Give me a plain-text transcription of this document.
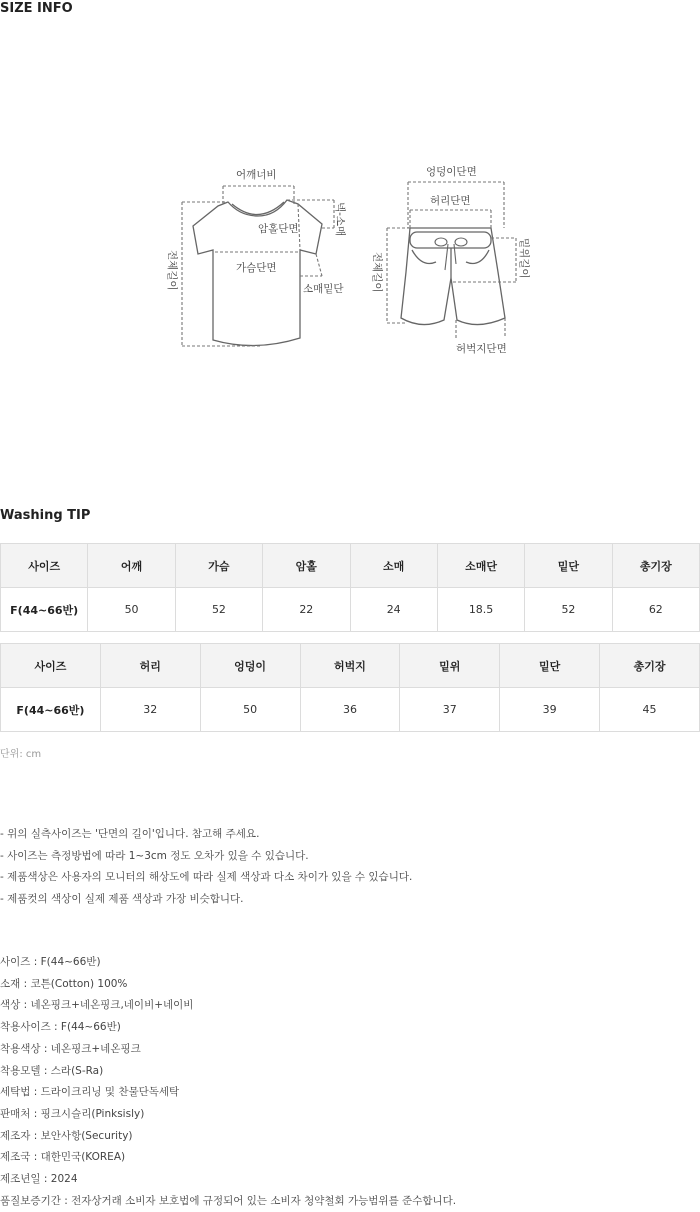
SIZE INFO
어깨너비
암홀단면
가슴단면
소매밑단
넥-소매
전체길이
엉덩이단면
허리단면
허벅지단면
밑위길이
전체길이
Washing TIP
사이즈	어깨	가슴	암홀	소매	소매단	밑단	총기장
F(44~66반)	50	52	22	24	18.5	52	62
사이즈	허리	엉덩이	허벅지	밑위	밑단	총기장
F(44~66반)	32	50	36	37	39	45
단위: cm
- 위의 실측사이즈는 '단면의 길이'입니다. 참고해 주세요.
- 사이즈는 측정방법에 따라 1~3cm 정도 오차가 있을 수 있습니다.
- 제품색상은 사용자의 모니터의 해상도에 따라 실제 색상과 다소 차이가 있을 수 있습니다.
- 제품컷의 색상이 실제 제품 색상과 가장 비슷합니다.
사이즈 : F(44~66반)
소재 : 코튼(Cotton) 100%
색상 : 네온핑크+네온핑크,네이비+네이비
착용사이즈 : F(44~66반)
착용색상 : 네온핑크+네온핑크
착용모델 : 스라(S-Ra)
세탁법 : 드라이크리닝 및 찬물단독세탁
판매처 : 핑크시슬리(Pinksisly)
제조자 : 보안사항(Security)
제조국 : 대한민국(KOREA)
제조년일 : 2024
품질보증기간 : 전자상거래 소비자 보호법에 규정되어 있는 소비자 청약철회 가능범위를 준수합니다.
